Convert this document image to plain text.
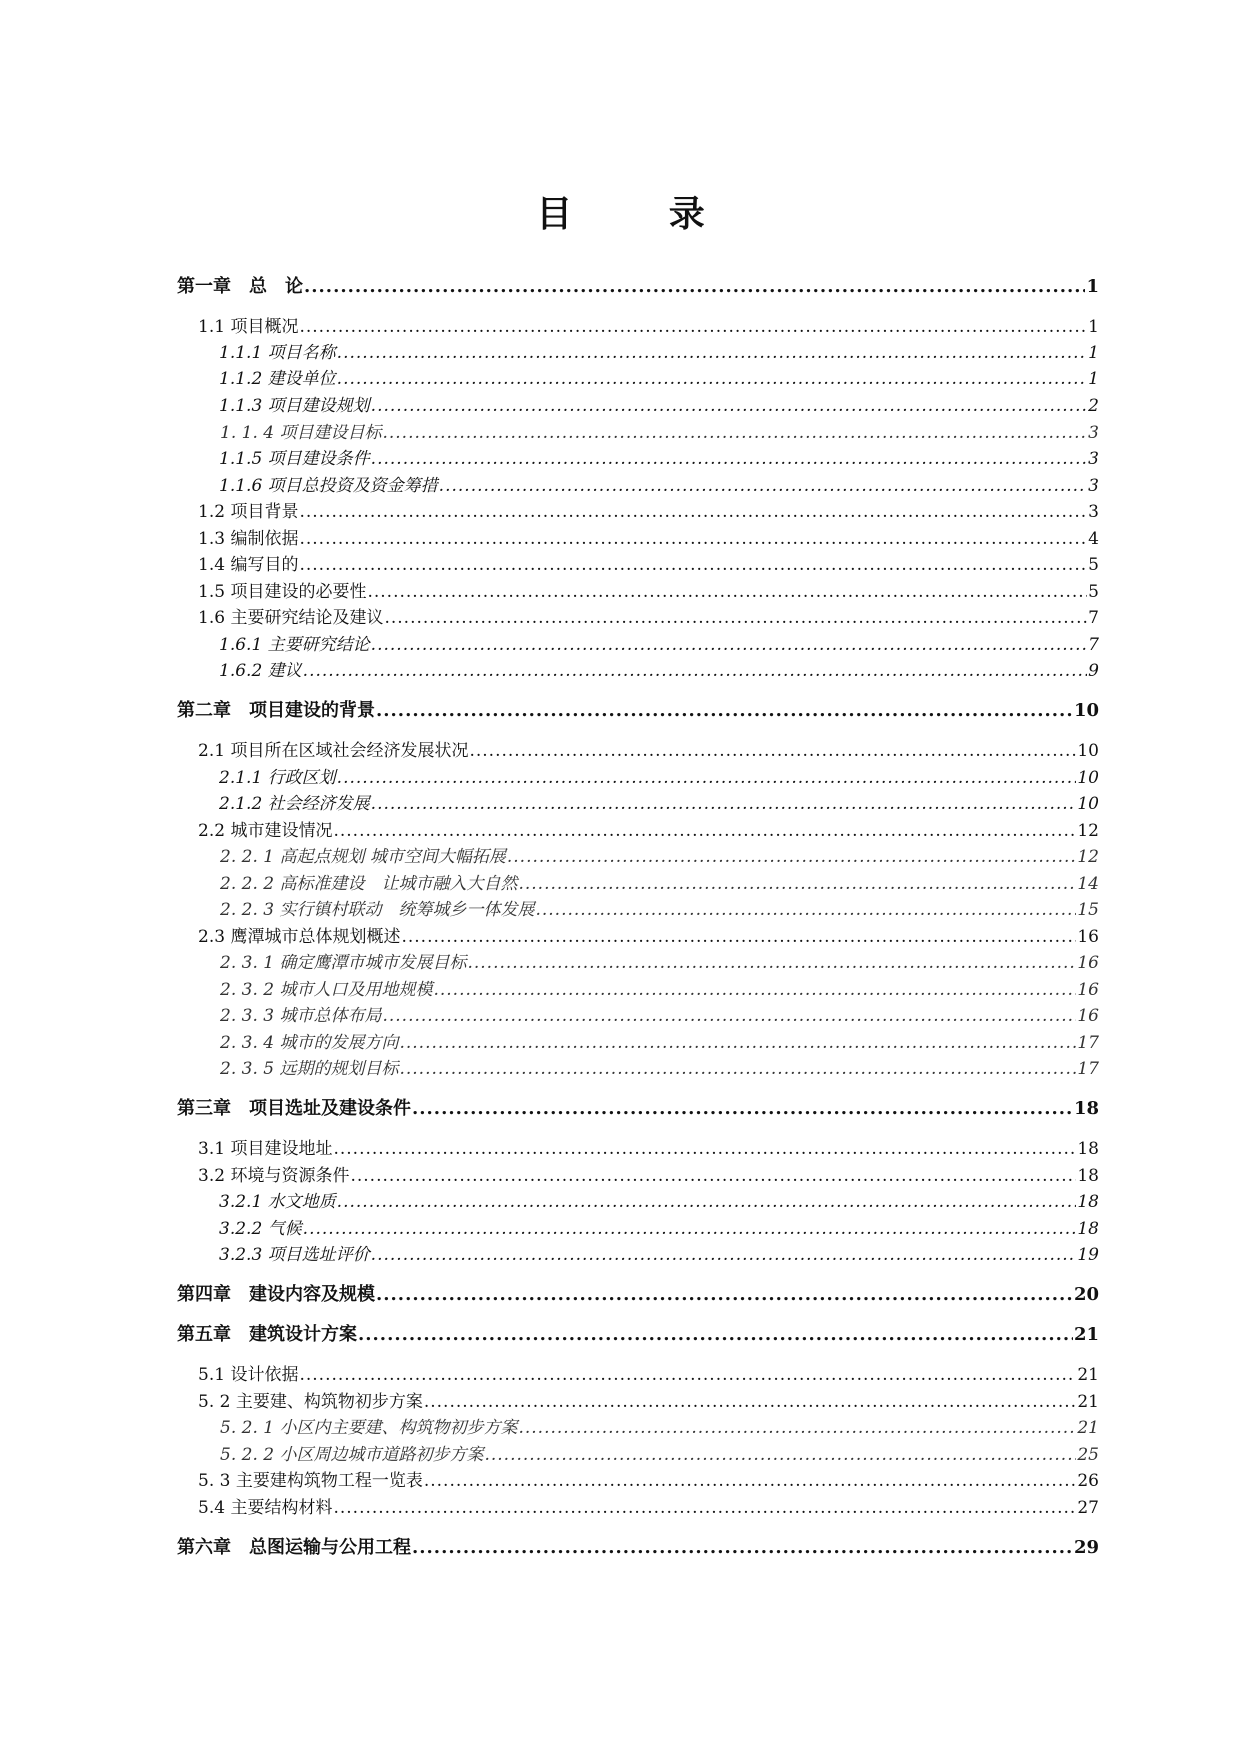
目 录
第一章　总　论 .....	1
1.1 项目概况 .....	1
1.1.1 项目名称 .....	1
1.1.2 建设单位 .....	1
1.1.3 项目建设规划 .....	2
1. 1. 4 项目建设目标 .....	3
1.1.5 项目建设条件 .....	3
1.1.6 项目总投资及资金筹措 .....	3
1.2 项目背景 .....	3
1.3 编制依据 .....	4
1.4 编写目的 .....	5
1.5 项目建设的必要性 .....	5
1.6 主要研究结论及建议 .....	7
1.6.1 主要研究结论 .....	7
1.6.2 建议 .....	9
第二章　项目建设的背景 .....	10
2.1 项目所在区域社会经济发展状况 .....	10
2.1.1 行政区划 .....	10
2.1.2 社会经济发展 .....	10
2.2 城市建设情况 .....	12
2. 2. 1 高起点规划 城市空间大幅拓展 .....	12
2. 2. 2 高标准建设　让城市融入大自然 .....	14
2. 2. 3 实行镇村联动　统筹城乡一体发展 .....	15
2.3 鹰潭城市总体规划概述 .....	16
2. 3. 1 确定鹰潭市城市发展目标 .....	16
2. 3. 2 城市人口及用地规模 .....	16
2. 3. 3 城市总体布局 .....	16
2. 3. 4 城市的发展方向 .....	17
2. 3. 5 远期的规划目标 .....	17
第三章　项目选址及建设条件 .....	18
3.1 项目建设地址 .....	18
3.2 环境与资源条件 .....	18
3.2.1 水文地质 .....	18
3.2.2 气候 .....	18
3.2.3 项目选址评价 .....	19
第四章　建设内容及规模 .....	20
第五章　建筑设计方案 .....	21
5.1 设计依据 .....	21
5. 2 主要建、构筑物初步方案 .....	21
5. 2. 1 小区内主要建、构筑物初步方案 .....	21
5. 2. 2 小区周边城市道路初步方案 .....	25
5. 3 主要建构筑物工程一览表 .....	26
5.4 主要结构材料 .....	27
第六章　总图运输与公用工程 .....	29
